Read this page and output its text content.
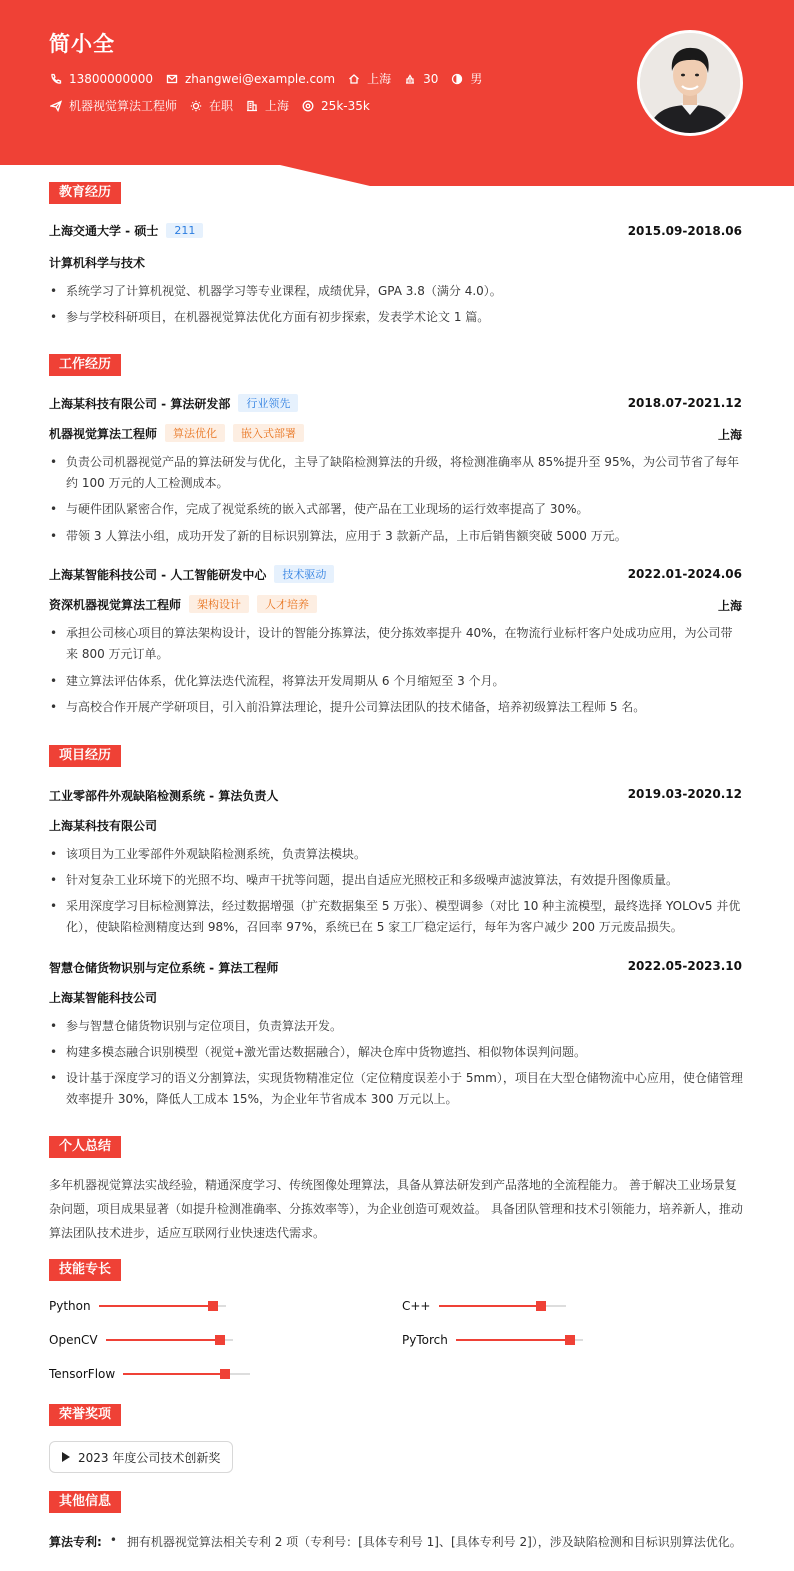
简小全
13800000000	zhangwei@example.com	上海	30	男
机器视觉算法工程师	在职	上海	25k-35k
教育经历
上海交通大学 - 硕士	211	2015.09-2018.06
计算机科学与技术
• 系统学习了计算机视觉、机器学习等专业课程，成绩优异，GPA 3.8（满分 4.0）。
• 参与学校科研项目，在机器视觉算法优化方面有初步探索，发表学术论文 1 篇。
工作经历
上海某科技有限公司 - 算法研发部	行业领先	2018.07-2021.12
机器视觉算法工程师	算法优化	嵌入式部署	上海
• 负责公司机器视觉产品的算法研发与优化，主导了缺陷检测算法的升级，将检测准确率从 85%提升至 95%，为公司节省了每年约 100 万元的人工检测成本。
• 与硬件团队紧密合作，完成了视觉系统的嵌入式部署，使产品在工业现场的运行效率提高了 30%。
• 带领 3 人算法小组，成功开发了新的目标识别算法，应用于 3 款新产品，上市后销售额突破 5000 万元。
上海某智能科技公司 - 人工智能研发中心	技术驱动	2022.01-2024.06
资深机器视觉算法工程师	架构设计	人才培养	上海
• 承担公司核心项目的算法架构设计，设计的智能分拣算法，使分拣效率提升 40%，在物流行业标杆客户处成功应用，为公司带来 800 万元订单。
• 建立算法评估体系，优化算法迭代流程，将算法开发周期从 6 个月缩短至 3 个月。
• 与高校合作开展产学研项目，引入前沿算法理论，提升公司算法团队的技术储备，培养初级算法工程师 5 名。
项目经历
工业零部件外观缺陷检测系统 - 算法负责人	2019.03-2020.12
上海某科技有限公司
• 该项目为工业零部件外观缺陷检测系统，负责算法模块。
• 针对复杂工业环境下的光照不均、噪声干扰等问题，提出自适应光照校正和多级噪声滤波算法，有效提升图像质量。
• 采用深度学习目标检测算法，经过数据增强（扩充数据集至 5 万张）、模型调参（对比 10 种主流模型，最终选择 YOLOv5 并优化），使缺陷检测精度达到 98%，召回率 97%，系统已在 5 家工厂稳定运行，每年为客户减少 200 万元废品损失。
智慧仓储货物识别与定位系统 - 算法工程师	2022.05-2023.10
上海某智能科技公司
• 参与智慧仓储货物识别与定位项目，负责算法开发。
• 构建多模态融合识别模型（视觉+激光雷达数据融合），解决仓库中货物遮挡、相似物体误判问题。
• 设计基于深度学习的语义分割算法，实现货物精准定位（定位精度误差小于 5mm），项目在大型仓储物流中心应用，使仓储管理效率提升 30%，降低人工成本 15%，为企业年节省成本 300 万元以上。
个人总结
多年机器视觉算法实战经验，精通深度学习、传统图像处理算法，具备从算法研发到产品落地的全流程能力。 善于解决工业场景复杂问题，项目成果显著（如提升检测准确率、分拣效率等），为企业创造可观效益。 具备团队管理和技术引领能力，培养新人，推动算法团队技术进步，适应互联网行业快速迭代需求。
技能专长
Python	C++
OpenCV	PyTorch
TensorFlow
荣誉奖项
2023 年度公司技术创新奖
其他信息
算法专利: • 拥有机器视觉算法相关专利 2 项（专利号：[具体专利号 1]、[具体专利号 2]），涉及缺陷检测和目标识别算法优化。
